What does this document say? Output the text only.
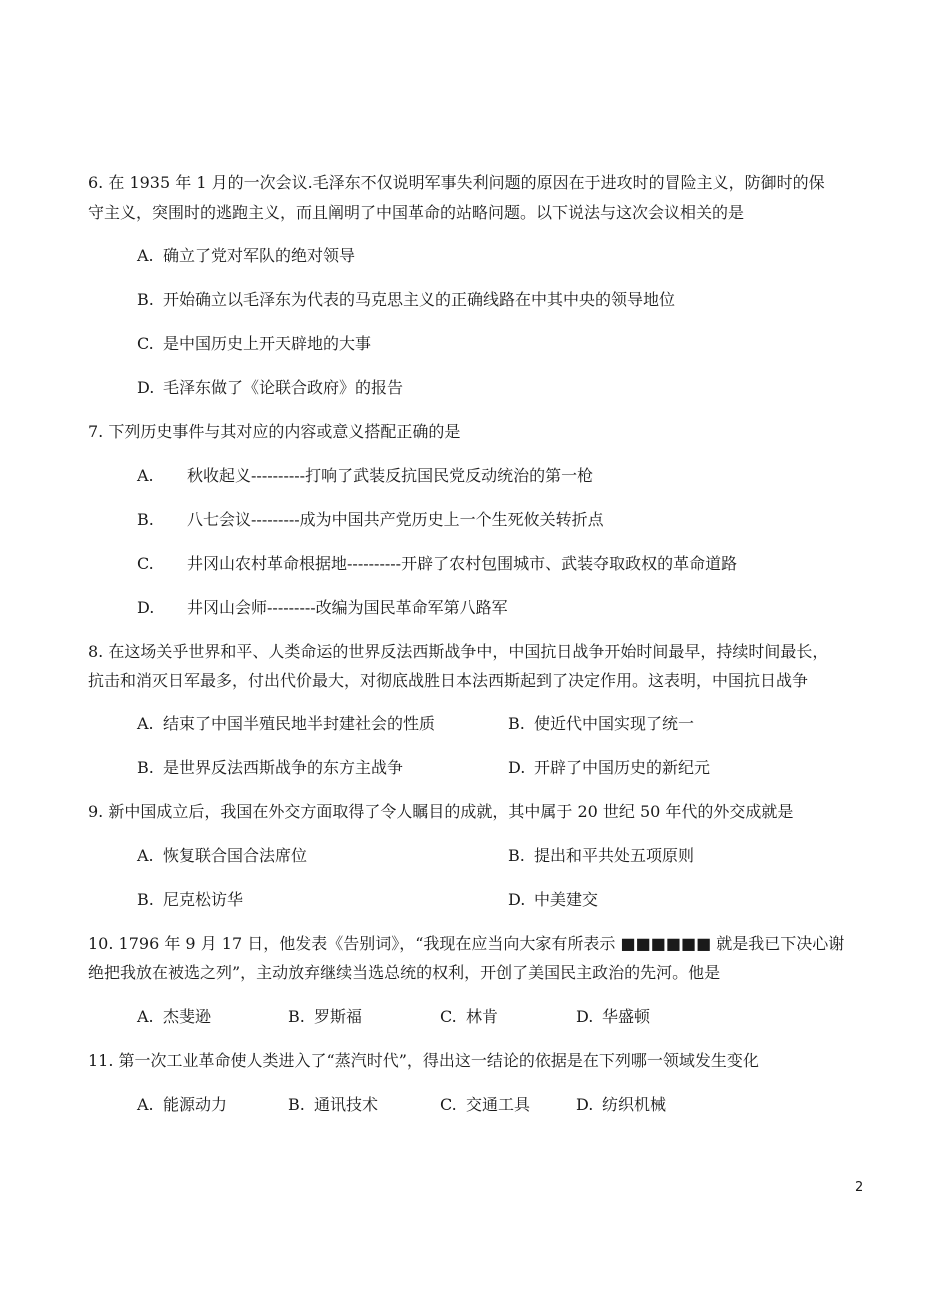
6. 在 1935 年 1 月的一次会议.毛泽东不仅说明军事失利问题的原因在于进攻时的冒险主义，防御时的保
守主义，突围时的逃跑主义，而且阐明了中国革命的站略问题。以下说法与这次会议相关的是
A. 确立了党对军队的绝对领导
B. 开始确立以毛泽东为代表的马克思主义的正确线路在中其中央的领导地位
C. 是中国历史上开天辟地的大事
D. 毛泽东做了《论联合政府》的报告
7. 下列历史事件与其对应的内容或意义搭配正确的是
A. 秋收起义----------打响了武装反抗国民党反动统治的第一枪
B. 八七会议---------成为中国共产党历史上一个生死攸关转折点
C. 井冈山农村革命根据地----------开辟了农村包围城市、武装夺取政权的革命道路
D. 井冈山会师---------改编为国民革命军第八路军
8. 在这场关乎世界和平、人类命运的世界反法西斯战争中，中国抗日战争开始时间最早，持续时间最长，
抗击和消灭日军最多，付出代价最大，对彻底战胜日本法西斯起到了决定作用。这表明，中国抗日战争
A. 结束了中国半殖民地半封建社会的性质	B. 使近代中国实现了统一
B. 是世界反法西斯战争的东方主战争	D. 开辟了中国历史的新纪元
9. 新中国成立后，我国在外交方面取得了令人瞩目的成就，其中属于 20 世纪 50 年代的外交成就是
A. 恢复联合国合法席位	B. 提出和平共处五项原则
B. 尼克松访华	D. 中美建交
10. 1796 年 9 月 17 日，他发表《告别词》，“我现在应当向大家有所表示 ■■■■■■ 就是我已下决心谢
绝把我放在被选之列”，主动放弃继续当选总统的权利，开创了美国民主政治的先河。他是
A. 杰斐逊	B. 罗斯福	C. 林肯	D. 华盛顿
11. 第一次工业革命使人类进入了“蒸汽时代”，得出这一结论的依据是在下列哪一领域发生变化
A. 能源动力	B. 通讯技术	C. 交通工具	D. 纺织机械
2
